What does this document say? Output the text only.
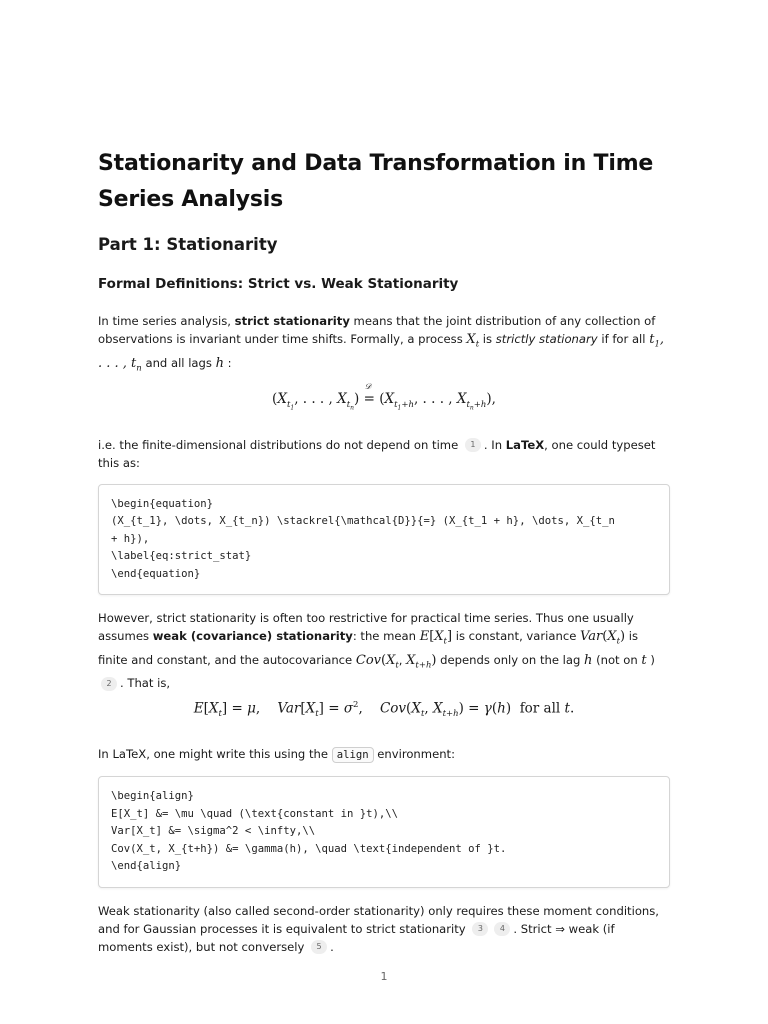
Stationarity and Data Transformation in Time Series Analysis
Part 1: Stationarity
Formal Definitions: Strict vs. Weak Stationarity

In time series analysis, strict stationarity means that the joint distribution of any collection of observations is invariant under time shifts. Formally, a process $X_t$ is strictly stationary if for all $t_1$, . . . , $t_n$ and all lags h :

($X_{t_1}$, . . . , $X_{t_n}$) =
𝒟
($X_{t_1+h}$, . . . , $X_{t_n+h}$),

i.e. the finite-dimensional distributions do not depend on time 1 . In LaTeX, one could typeset this as:

\begin{equation}
(X_{t_1}, \dots, X_{t_n}) \stackrel{\mathcal{D}}{=} (X_{t_1 + h}, \dots, X_{t_n
+ h}),
\label{eq:strict_stat}
\end{equation}

However, strict stationarity is often too restrictive for practical time series. Thus one usually assumes weak (covariance) stationarity: the mean $E[X_t]$ is constant, variance $Var(X_t)$ is finite and constant, and the autocovariance $Cov(X_t$, $X_{t+h}$) depends only on the lag h (not on t ) 2 . That is,

$E[X_t] = \mu$,    $Var[X_t] = \sigma^2$,    $Cov(X_t$, $X_{t+h}) = \gamma(h)$  for all t.

In LaTeX, one might write this using the align environment:

\begin{align}
E[X_t] &= \mu \quad (\text{constant in }t),\\
Var[X_t] &= \sigma^2 < \infty,\\
Cov(X_t, X_{t+h}) &= \gamma(h), \quad \text{independent of }t.
\end{align}

Weak stationarity (also called second-order stationarity) only requires these moment conditions, and for Gaussian processes it is equivalent to strict stationarity 3 4 . Strict ⇒ weak (if moments exist), but not conversely 5 .

1
